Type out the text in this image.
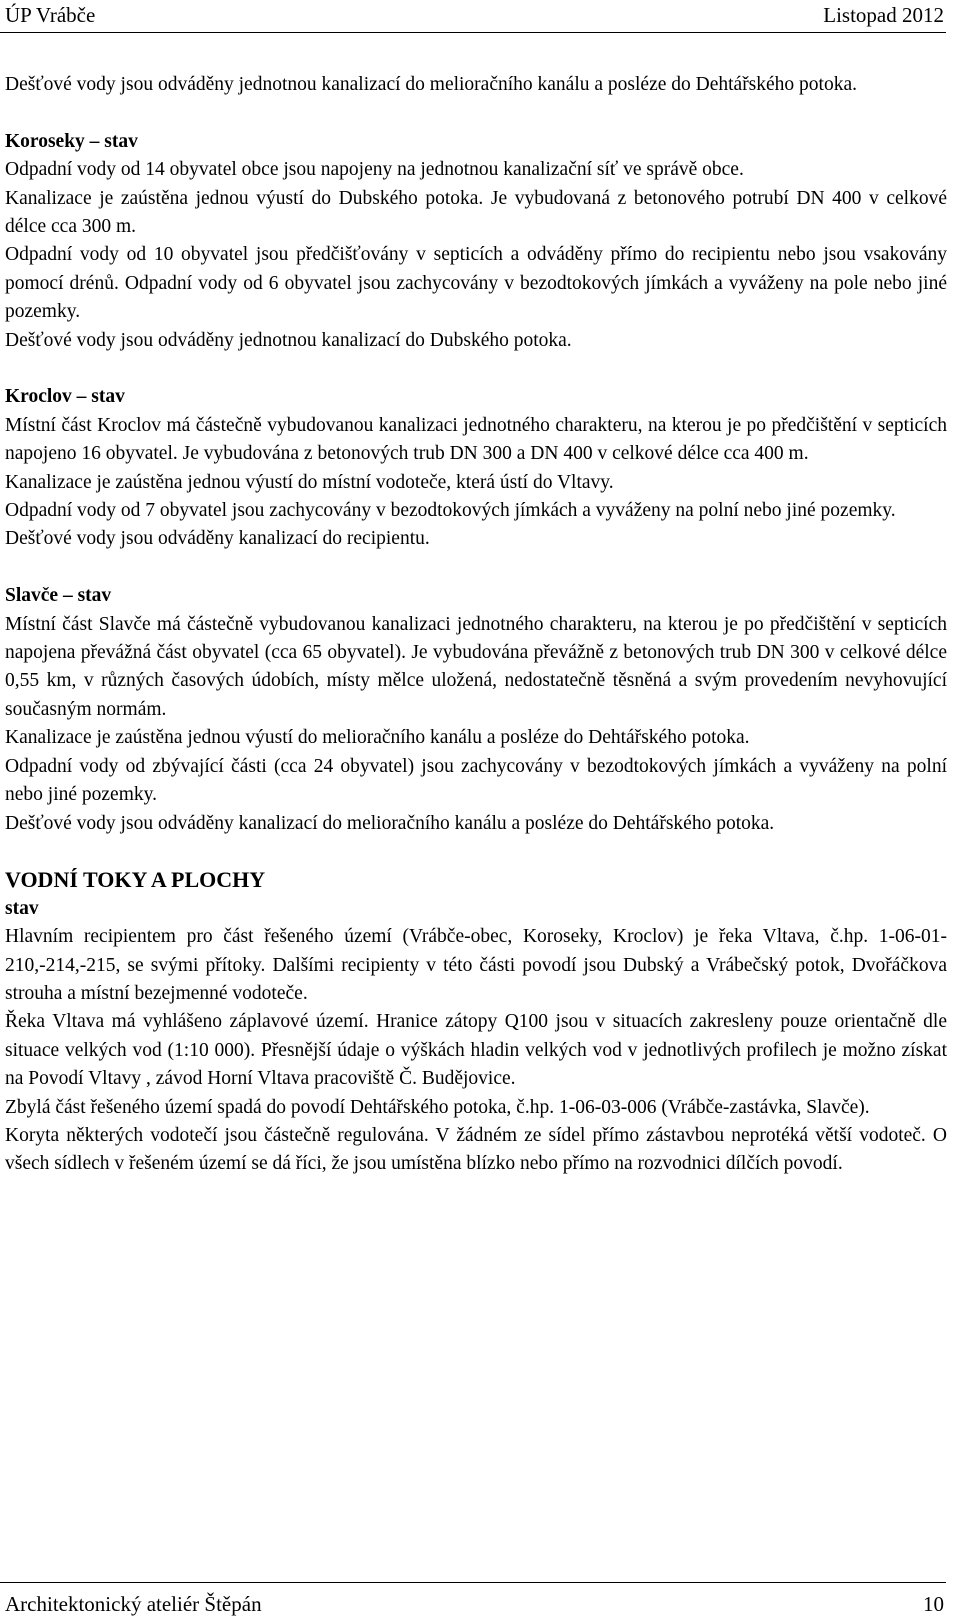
ÚP Vrábče	Listopad 2012

Dešťové vody jsou odváděny jednotnou kanalizací do melioračního kanálu a posléze do Dehtářského potoka.

Koroseky – stav

Odpadní vody od 14 obyvatel obce jsou napojeny na jednotnou kanalizační síť ve správě obce.

Kanalizace je zaústěna jednou výustí do Dubského potoka. Je vybudovaná z betonového potrubí DN 400 v celkové délce cca 300 m.

Odpadní vody od 10 obyvatel jsou předčišťovány v septicích a odváděny přímo do recipientu nebo jsou vsakovány pomocí drénů. Odpadní vody od 6 obyvatel jsou zachycovány v bezodtokových jímkách a vyváženy na pole nebo jiné pozemky.

Dešťové vody jsou odváděny jednotnou kanalizací do Dubského potoka.

Kroclov – stav

Místní část Kroclov má částečně vybudovanou kanalizaci jednotného charakteru, na kterou je po předčištění v septicích napojeno 16 obyvatel. Je vybudována z betonových trub DN 300 a DN 400 v celkové délce cca 400 m.

Kanalizace je zaústěna jednou výustí do místní vodoteče, která ústí do Vltavy.

Odpadní vody od 7 obyvatel jsou zachycovány v bezodtokových jímkách a vyváženy na polní nebo jiné pozemky.

Dešťové vody jsou odváděny kanalizací do recipientu.

Slavče – stav

Místní část Slavče má částečně vybudovanou kanalizaci jednotného charakteru, na kterou je po předčištění v septicích napojena převážná část obyvatel (cca 65 obyvatel). Je vybudována převážně z betonových trub DN 300 v celkové délce 0,55 km, v různých časových údobích, místy mělce uložená, nedostatečně těsněná a svým provedením nevyhovující současným normám.

Kanalizace je zaústěna jednou výustí do melioračního kanálu a posléze do Dehtářského potoka.

Odpadní vody od zbývající části (cca 24 obyvatel) jsou zachycovány v bezodtokových jímkách a vyváženy na polní nebo jiné pozemky.

Dešťové vody jsou odváděny kanalizací do melioračního kanálu a posléze do Dehtářského potoka.

VODNÍ TOKY A PLOCHY

stav

Hlavním recipientem pro část řešeného území (Vrábče-obec, Koroseky, Kroclov) je řeka Vltava, č.hp. 1-06-01-210,-214,-215, se svými přítoky. Dalšími recipienty v této části povodí jsou Dubský a Vrábečský potok, Dvořáčkova strouha a místní bezejmenné vodoteče.

Řeka Vltava má vyhlášeno záplavové území. Hranice zátopy Q100 jsou v situacích zakresleny pouze orientačně dle situace velkých vod (1:10 000). Přesnější údaje o výškách hladin velkých vod v jednotlivých profilech je možno získat na Povodí Vltavy , závod Horní Vltava pracoviště Č. Budějovice.

Zbylá část řešeného území spadá do povodí Dehtářského potoka, č.hp. 1-06-03-006 (Vrábče-zastávka, Slavče).

Koryta některých vodotečí jsou částečně regulována. V žádném ze sídel přímo zástavbou neprotéká větší vodoteč. O všech sídlech v řešeném území se dá říci, že jsou umístěna blízko nebo přímo na rozvodnici dílčích povodí.

Architektonický ateliér Štěpán	10
